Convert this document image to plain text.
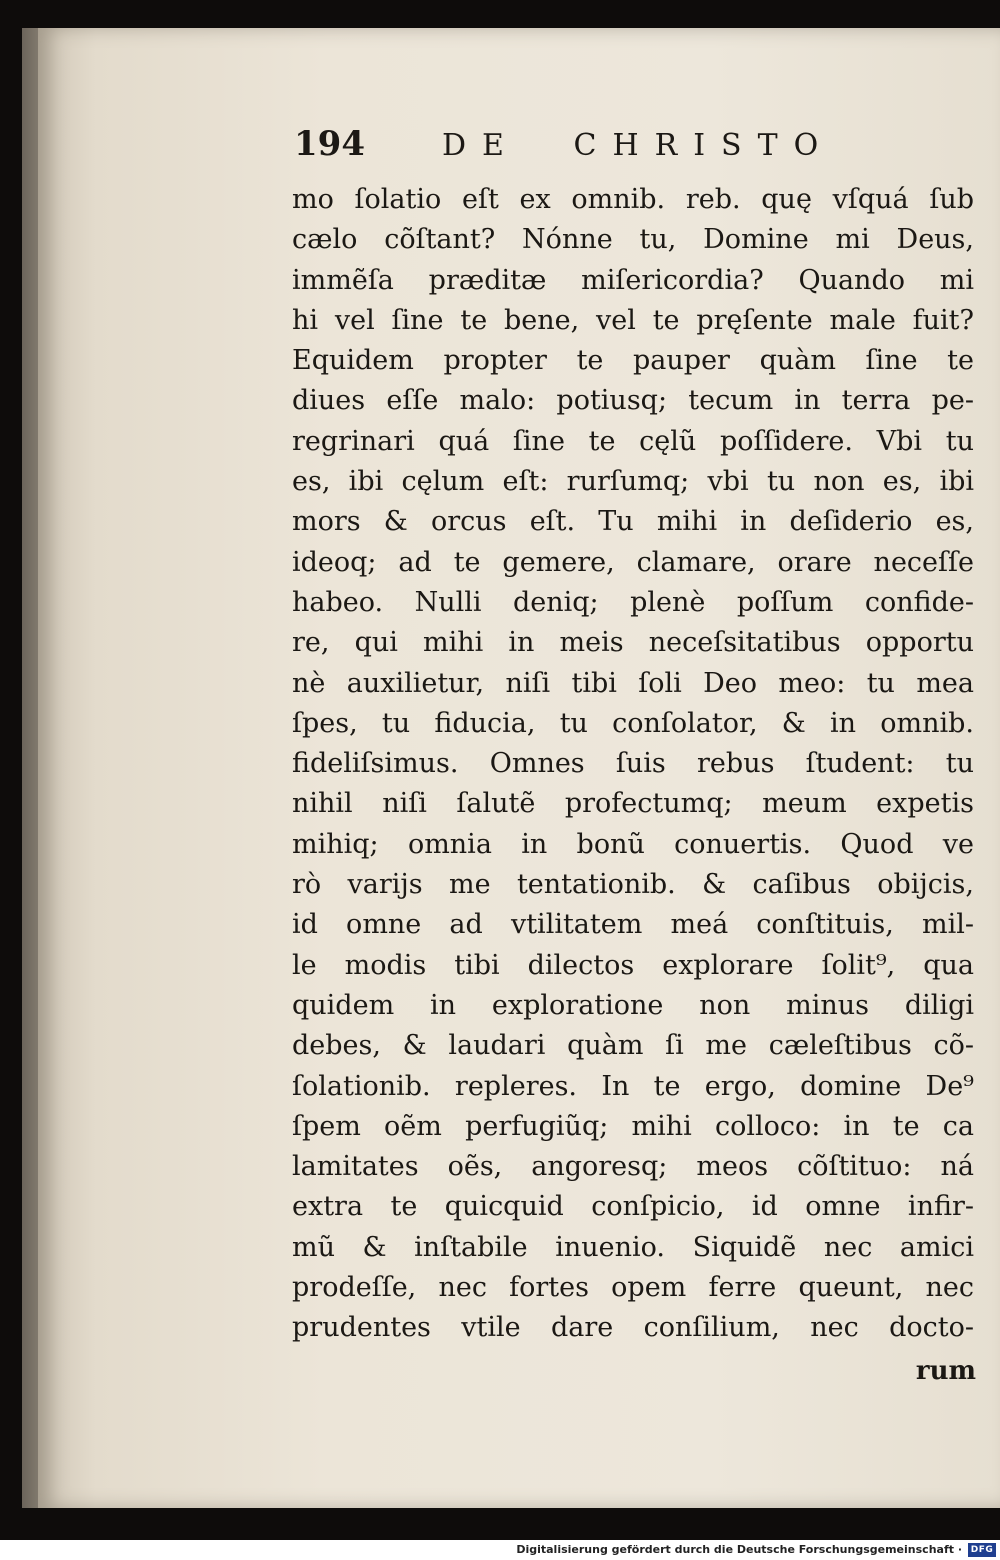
194	DE CHRISTO
mo ſolatio eſt ex omnib. reb. quę vſquá ſub
cælo cõſtant? Nónne tu, Domine mi Deus,
immẽſa præditæ miſericordia? Quando mi
hi vel ſine te bene, vel te pręſente male fuit?
Equidem propter te pauper quàm ſine te
diues eſſe malo: potiusq; tecum in terra pe-
regrinari quá ſine te cęlũ poſſidere. Vbi tu
es, ibi cęlum eſt: rurſumq; vbi tu non es, ibi
mors & orcus eſt. Tu mihi in deſiderio es,
ideoq; ad te gemere, clamare, orare neceſſe
habeo. Nulli deniq; plenè poſſum confide-
re, qui mihi in meis neceſsitatibus opportu
nè auxilietur, niſi tibi ſoli Deo meo: tu mea
ſpes, tu fiducia, tu conſolator, & in omnib.
fideliſsimus. Omnes ſuis rebus ſtudent: tu
nihil niſi ſalutẽ profectumq; meum expetis
mihiq; omnia in bonũ conuertis. Quod ve
rò varijs me tentationib. & caſibus obijcis,
id omne ad vtilitatem meá conſtituis, mil-
le modis tibi dilectos explorare ſolit⁹, qua
quidem in exploratione non minus diligi
debes, & laudari quàm ſi me cæleſtibus cõ-
ſolationib. repleres. In te ergo, domine De⁹
ſpem oẽm perfugiũq; mihi colloco: in te ca
lamitates oẽs, angoresq; meos cõſtituo: ná
extra te quicquid conſpicio, id omne infir-
mũ & inſtabile inuenio. Siquidẽ nec amici
prodeſſe, nec fortes opem ferre queunt, nec
prudentes vtile dare conſilium, nec docto-
rum
Digitalisierung gefördert durch die Deutsche Forschungsgemeinschaft · DFG
